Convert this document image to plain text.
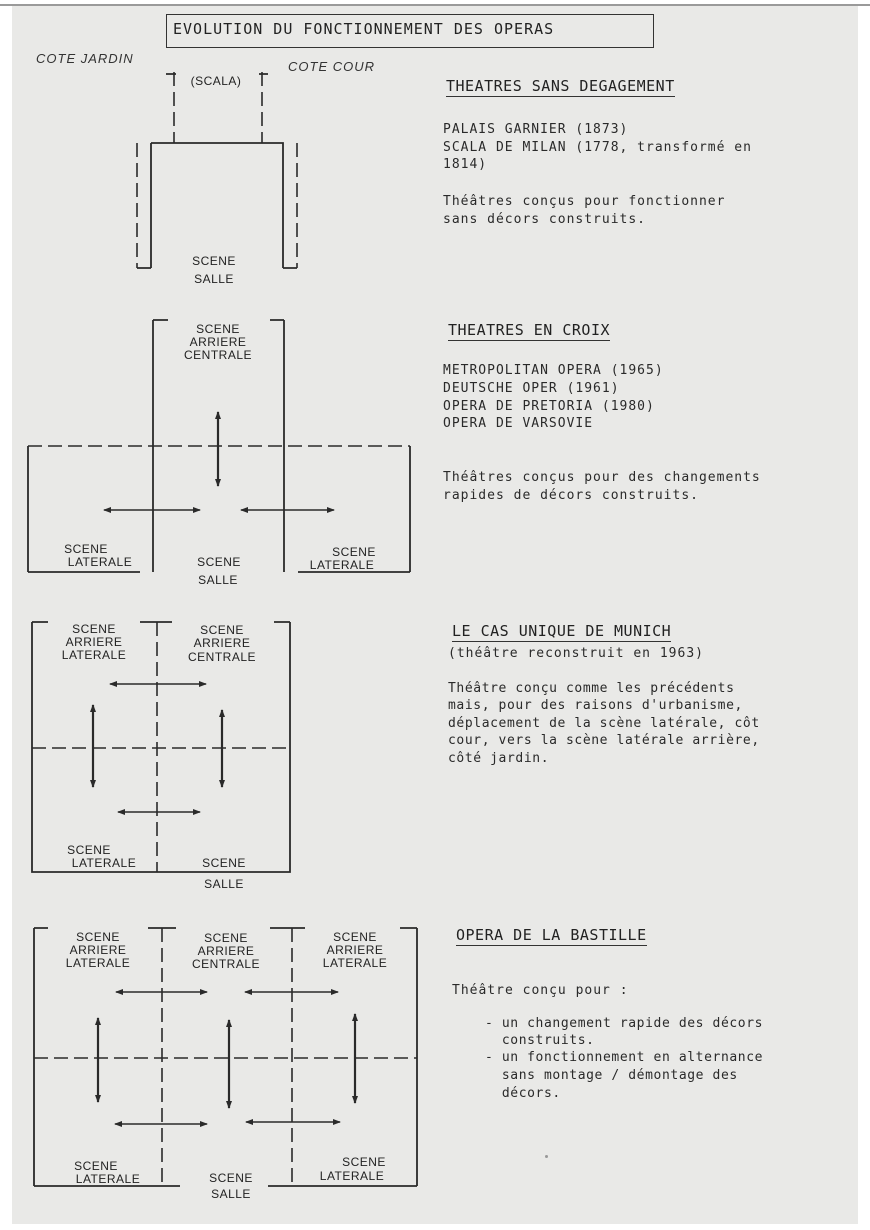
EVOLUTION DU FONCTIONNEMENT DES OPERAS
COTE JARDIN
COTE COUR
(SCALA)
SCENE
SALLE
SCENE
ARRIERE
CENTRALE
SCENE
LATERALE	SCENE
SCENE
LATERALE
SALLE
SCENE
ARRIERE
LATERALE
SCENE
ARRIERE
CENTRALE
SCENE
LATERALE	SCENE
SALLE
SCENE
ARRIERE
LATERALE
SCENE
ARRIERE
CENTRALE
SCENE
ARRIERE
LATERALE
SCENE
LATERALE	SCENE
SCENE
LATERALE
SALLE
THEATRES SANS DEGAGEMENT
PALAIS GARNIER (1873)
SCALA DE MILAN (1778, transformé en
1814)
Théâtres conçus pour fonctionner
sans décors construits.
THEATRES EN CROIX
METROPOLITAN OPERA (1965)
DEUTSCHE OPER (1961)
OPERA DE PRETORIA (1980)
OPERA DE VARSOVIE
Théâtres conçus pour des changements
rapides de décors construits.
LE CAS UNIQUE DE MUNICH
(théâtre reconstruit en 1963)
Théâtre conçu comme les précédents
mais, pour des raisons d'urbanisme,
déplacement de la scène latérale, côt
cour, vers la scène latérale arrière,
côté jardin.
OPERA DE LA BASTILLE
Théâtre conçu pour :
- un changement rapide des décors
construits.
- un fonctionnement en alternance
sans montage / démontage des
décors.
